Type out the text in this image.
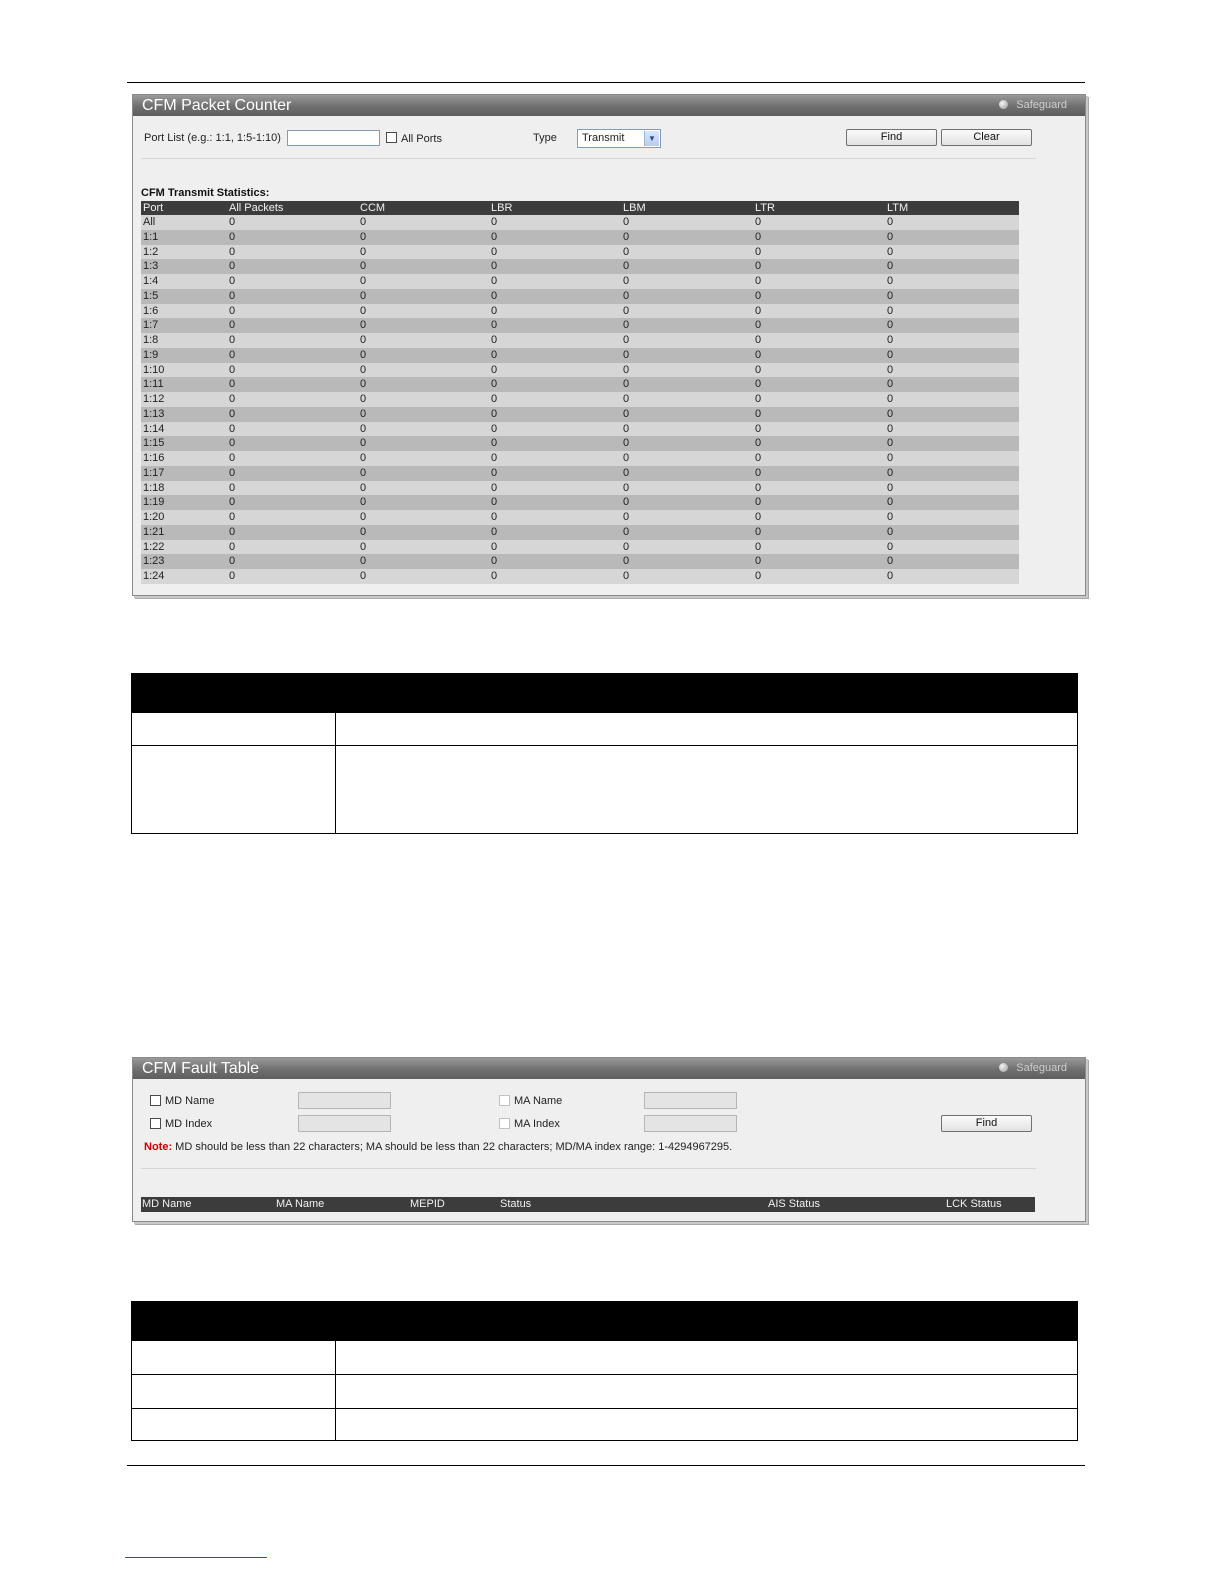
CFM Packet Counter	Safeguard
Port List (e.g.: 1:1, 1:5-1:10)	All Ports	Type	Transmit	▼	Find	Clear
CFM Transmit Statistics:
Port	All Packets	CCM	LBR	LBM	LTR	LTM
All	0	0	0	0	0	0
1:1	0	0	0	0	0	0
1:2	0	0	0	0	0	0
1:3	0	0	0	0	0	0
1:4	0	0	0	0	0	0
1:5	0	0	0	0	0	0
1:6	0	0	0	0	0	0
1:7	0	0	0	0	0	0
1:8	0	0	0	0	0	0
1:9	0	0	0	0	0	0
1:10	0	0	0	0	0	0
1:11	0	0	0	0	0	0
1:12	0	0	0	0	0	0
1:13	0	0	0	0	0	0
1:14	0	0	0	0	0	0
1:15	0	0	0	0	0	0
1:16	0	0	0	0	0	0
1:17	0	0	0	0	0	0
1:18	0	0	0	0	0	0
1:19	0	0	0	0	0	0
1:20	0	0	0	0	0	0
1:21	0	0	0	0	0	0
1:22	0	0	0	0	0	0
1:23	0	0	0	0	0	0
1:24	0	0	0	0	0	0
CFM Fault Table	Safeguard
MD Name
MD Index
MA Name
MA Index	Find
Note: MD should be less than 22 characters; MA should be less than 22 characters; MD/MA index range: 1-4294967295.
MD Name	MA Name	MEPID	Status	AIS Status	LCK Status
